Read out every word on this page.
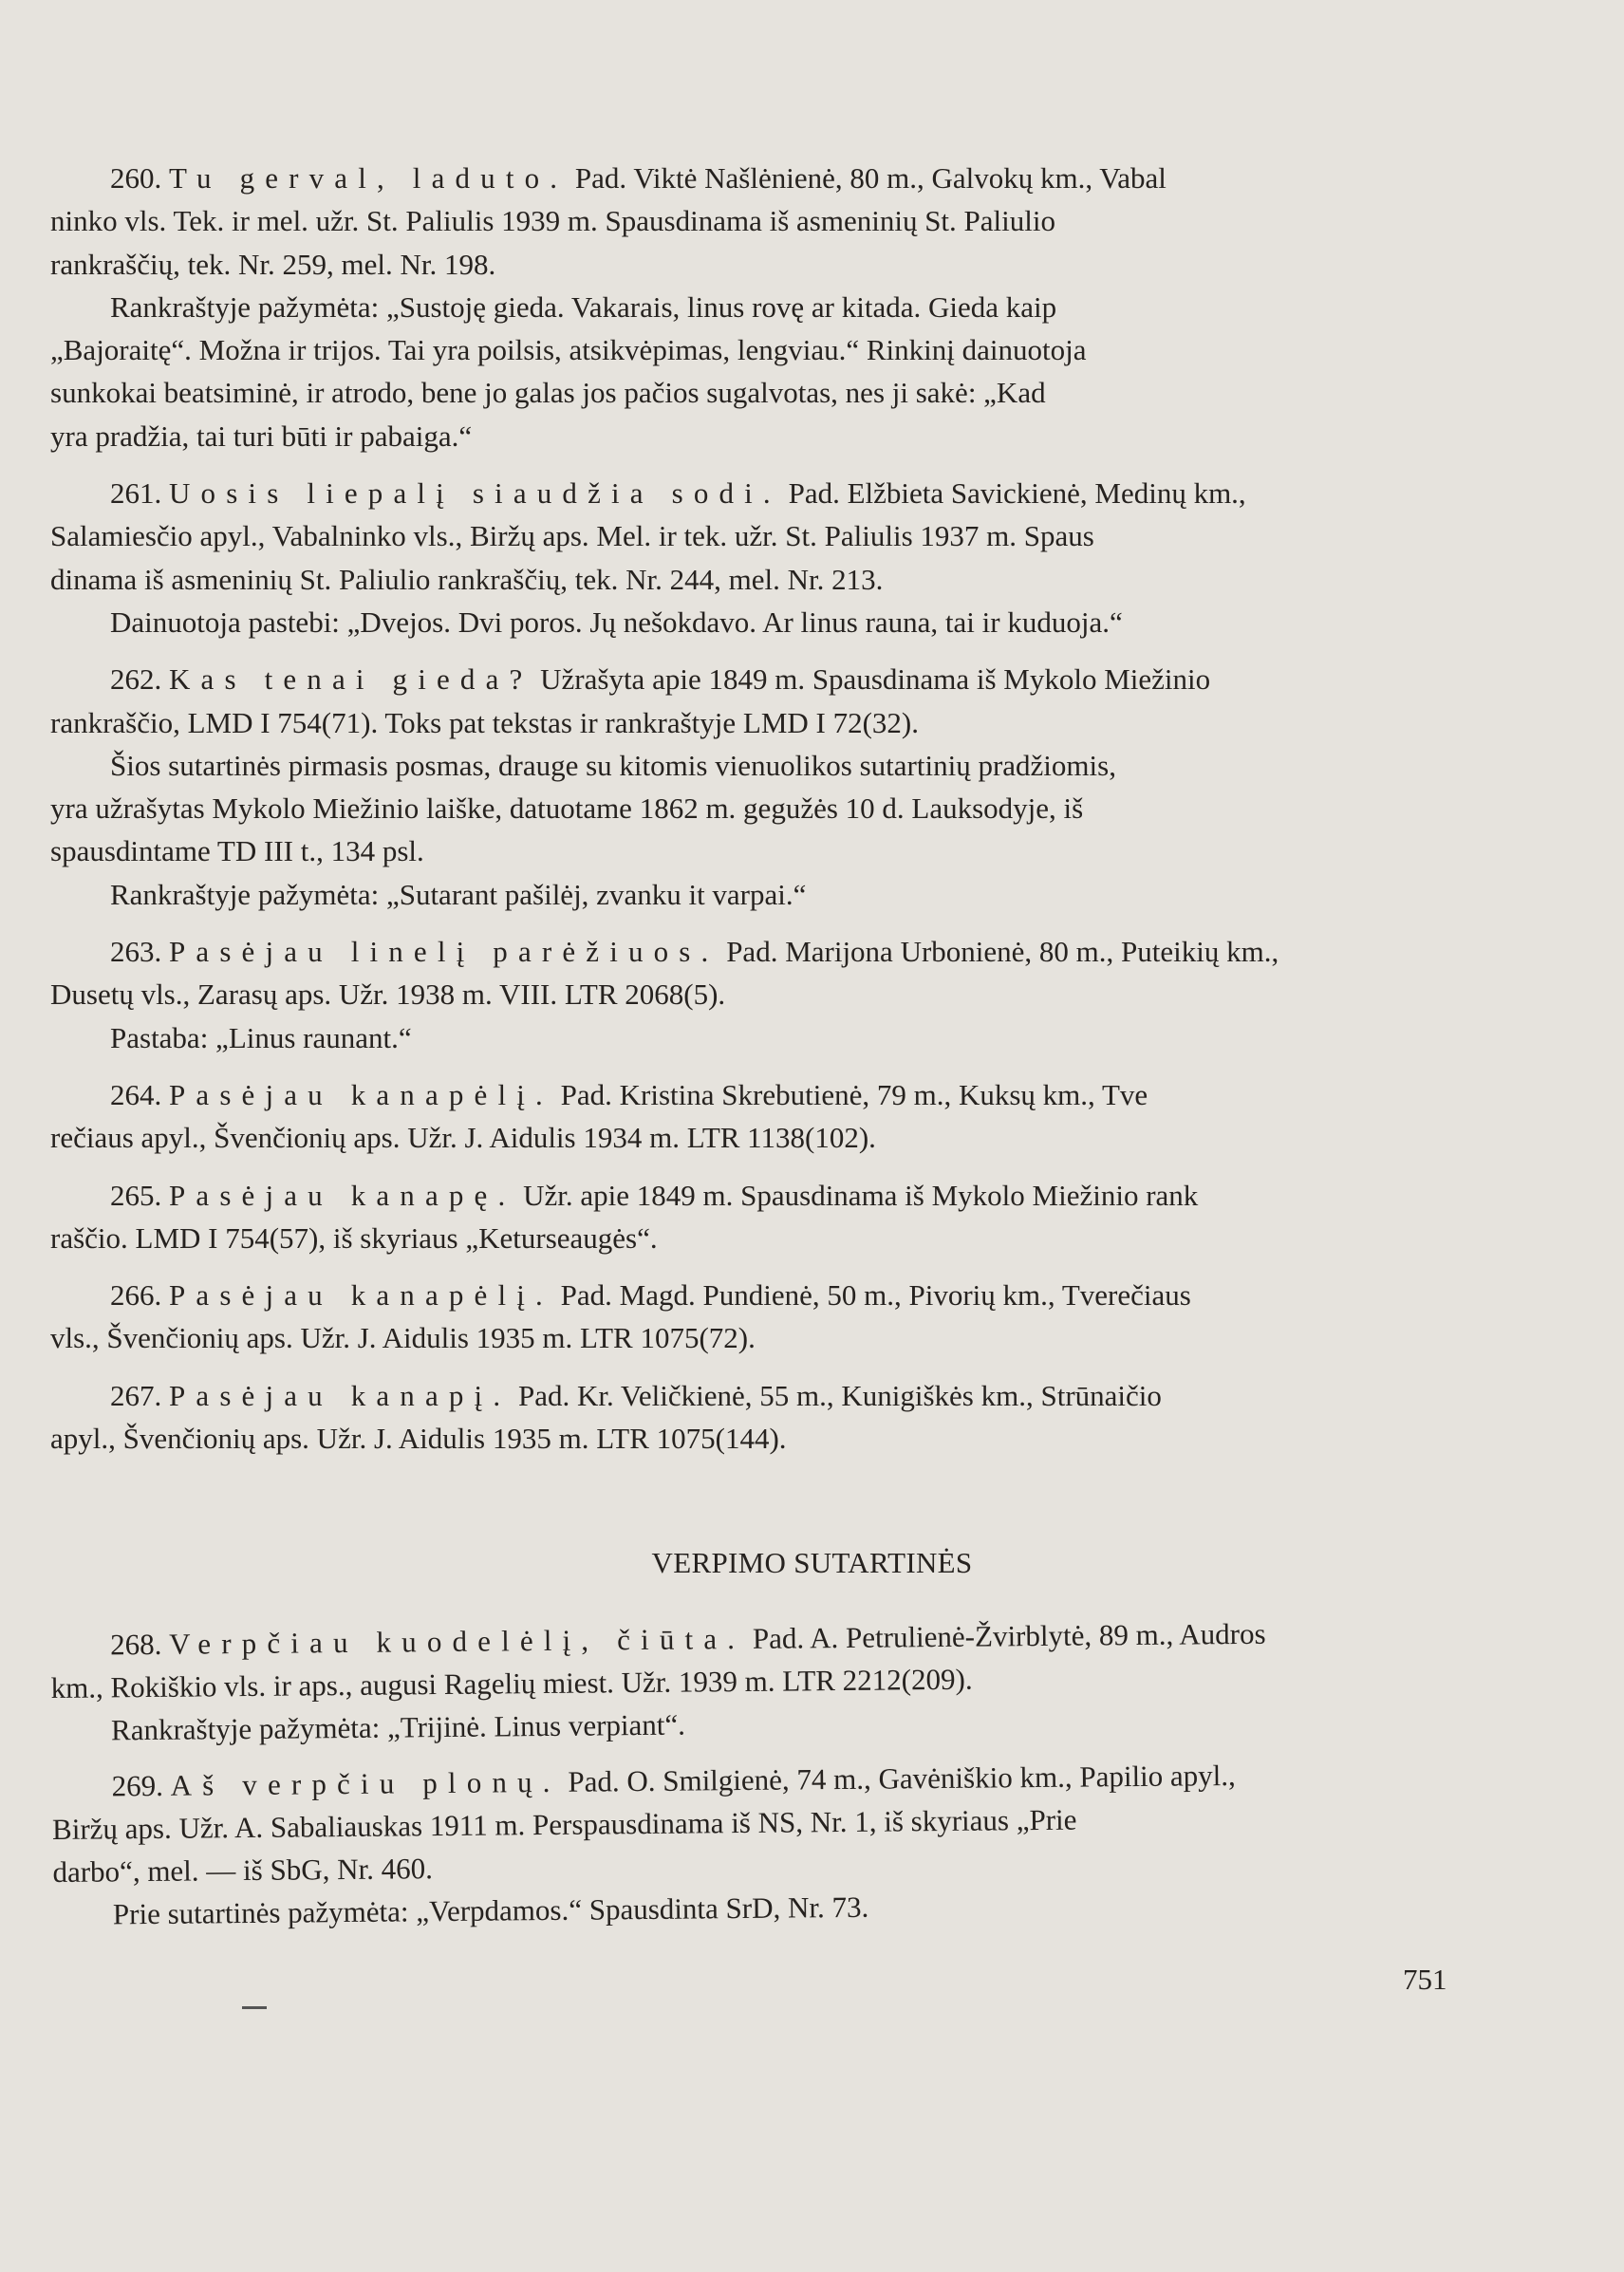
260. Tu gerval, laduto. Pad. Viktė Našlėnienė, 80 m., Galvokų km., Vabal

ninko vls. Tek. ir mel. užr. St. Paliulis 1939 m. Spausdinama iš asmeninių St. Paliulio

rankraščių, tek. Nr. 259, mel. Nr. 198.

Rankraštyje pažymėta: „Sustoję gieda. Vakarais, linus rovę ar kitada. Gieda kaip

„Bajoraitę“. Možna ir trijos. Tai yra poilsis, atsikvėpimas, lengviau.“ Rinkinį dainuotoja

sunkokai beatsiminė, ir atrodo, bene jo galas jos pačios sugalvotas, nes ji sakė: „Kad

yra pradžia, tai turi būti ir pabaiga.“

261. Uosis liepalį siaudžia sodi. Pad. Elžbieta Savickienė, Medinų km.,

Salamiesčio apyl., Vabalninko vls., Biržų aps. Mel. ir tek. užr. St. Paliulis 1937 m. Spaus

dinama iš asmeninių St. Paliulio rankraščių, tek. Nr. 244, mel. Nr. 213.

Dainuotoja pastebi: „Dvejos. Dvi poros. Jų nešokdavo. Ar linus rauna, tai ir kuduoja.“

262. Kas tenai gieda? Užrašyta apie 1849 m. Spausdinama iš Mykolo Miežinio

rankraščio, LMD I 754(71). Toks pat tekstas ir rankraštyje LMD I 72(32).

Šios sutartinės pirmasis posmas, drauge su kitomis vienuolikos sutartinių pradžiomis,

yra užrašytas Mykolo Miežinio laiške, datuotame 1862 m. gegužės 10 d. Lauksodyje, iš

spausdintame TD III t., 134 psl.

Rankraštyje pažymėta: „Sutarant pašilėj, zvanku it varpai.“

263. Pasėjau linelį parėžiuos. Pad. Marijona Urbonienė, 80 m., Puteikių km.,

Dusetų vls., Zarasų aps. Užr. 1938 m. VIII. LTR 2068(5).

Pastaba: „Linus raunant.“

264. Pasėjau kanapėlį. Pad. Kristina Skrebutienė, 79 m., Kuksų km., Tve

rečiaus apyl., Švenčionių aps. Užr. J. Aidulis 1934 m. LTR 1138(102).

265. Pasėjau kanapę. Užr. apie 1849 m. Spausdinama iš Mykolo Miežinio rank

raščio. LMD I 754(57), iš skyriaus „Keturseaugės“.

266. Pasėjau kanapėlį. Pad. Magd. Pundienė, 50 m., Pivorių km., Tverečiaus

vls., Švenčionių aps. Užr. J. Aidulis 1935 m. LTR 1075(72).

267. Pasėjau kanapį. Pad. Kr. Veličkienė, 55 m., Kunigiškės km., Strūnaičio

apyl., Švenčionių aps. Užr. J. Aidulis 1935 m. LTR 1075(144).

VERPIMO SUTARTINĖS

268. Verpčiau kuodelėlį, čiūta. Pad. A. Petrulienė-Žvirblytė, 89 m., Audros

km., Rokiškio vls. ir aps., augusi Ragelių miest. Užr. 1939 m. LTR 2212(209).

Rankraštyje pažymėta: „Trijinė. Linus verpiant“.

269. Aš verpčiu plonų. Pad. O. Smilgienė, 74 m., Gavėniškio km., Papilio apyl.,

Biržų aps. Užr. A. Sabaliauskas 1911 m. Perspausdinama iš NS, Nr. 1, iš skyriaus „Prie

darbo“, mel. — iš SbG, Nr. 460.

Prie sutartinės pažymėta: „Verpdamos.“ Spausdinta SrD, Nr. 73.

751
